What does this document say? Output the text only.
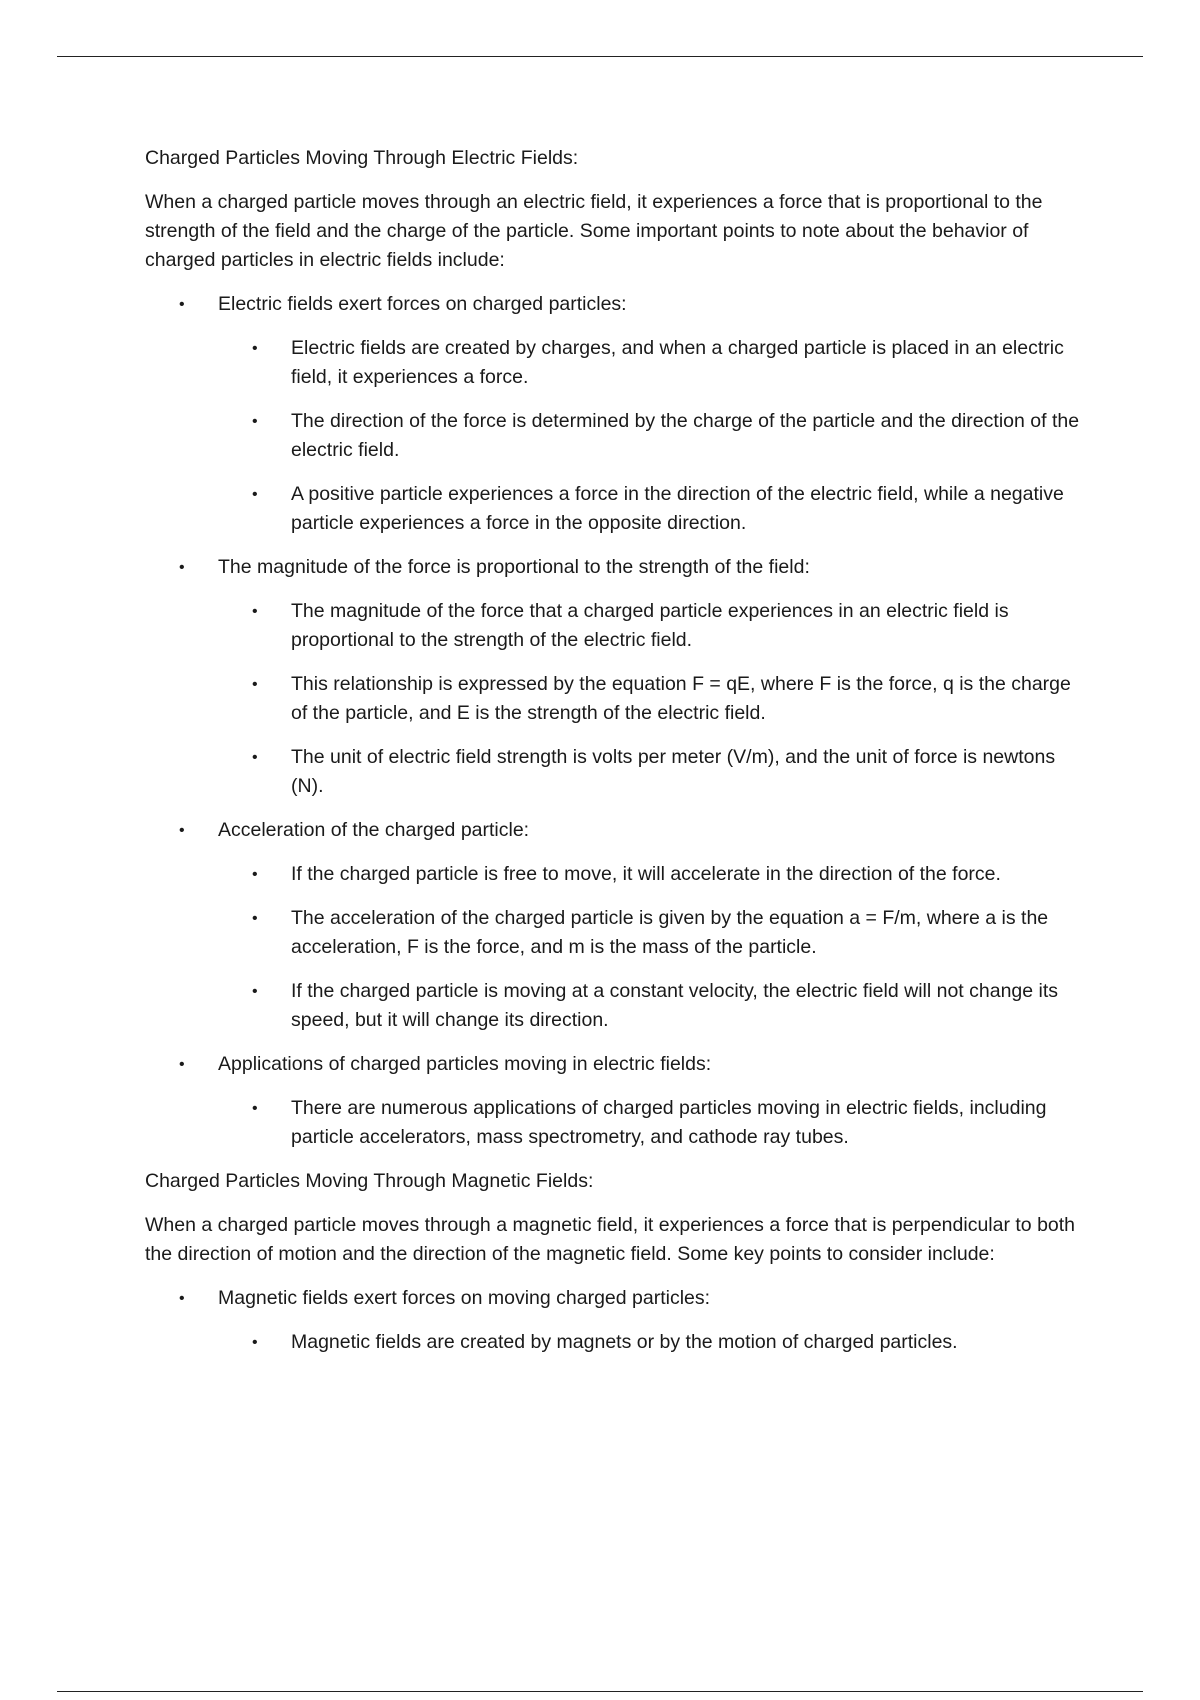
Charged Particles Moving Through Electric Fields:
When a charged particle moves through an electric field, it experiences a force that is proportional to the strength of the field and the charge of the particle. Some important points to note about the behavior of charged particles in electric fields include:
• Electric fields exert forces on charged particles:
• Electric fields are created by charges, and when a charged particle is placed in an electric field, it experiences a force.
• The direction of the force is determined by the charge of the particle and the direction of the electric field.
• A positive particle experiences a force in the direction of the electric field, while a negative particle experiences a force in the opposite direction.
• The magnitude of the force is proportional to the strength of the field:
• The magnitude of the force that a charged particle experiences in an electric field is proportional to the strength of the electric field.
• This relationship is expressed by the equation F = qE, where F is the force, q is the charge of the particle, and E is the strength of the electric field.
• The unit of electric field strength is volts per meter (V/m), and the unit of force is newtons (N).
• Acceleration of the charged particle:
• If the charged particle is free to move, it will accelerate in the direction of the force.
• The acceleration of the charged particle is given by the equation a = F/m, where a is the acceleration, F is the force, and m is the mass of the particle.
• If the charged particle is moving at a constant velocity, the electric field will not change its speed, but it will change its direction.
• Applications of charged particles moving in electric fields:
• There are numerous applications of charged particles moving in electric fields, including particle accelerators, mass spectrometry, and cathode ray tubes.
Charged Particles Moving Through Magnetic Fields:
When a charged particle moves through a magnetic field, it experiences a force that is perpendicular to both the direction of motion and the direction of the magnetic field. Some key points to consider include:
• Magnetic fields exert forces on moving charged particles:
• Magnetic fields are created by magnets or by the motion of charged particles.
